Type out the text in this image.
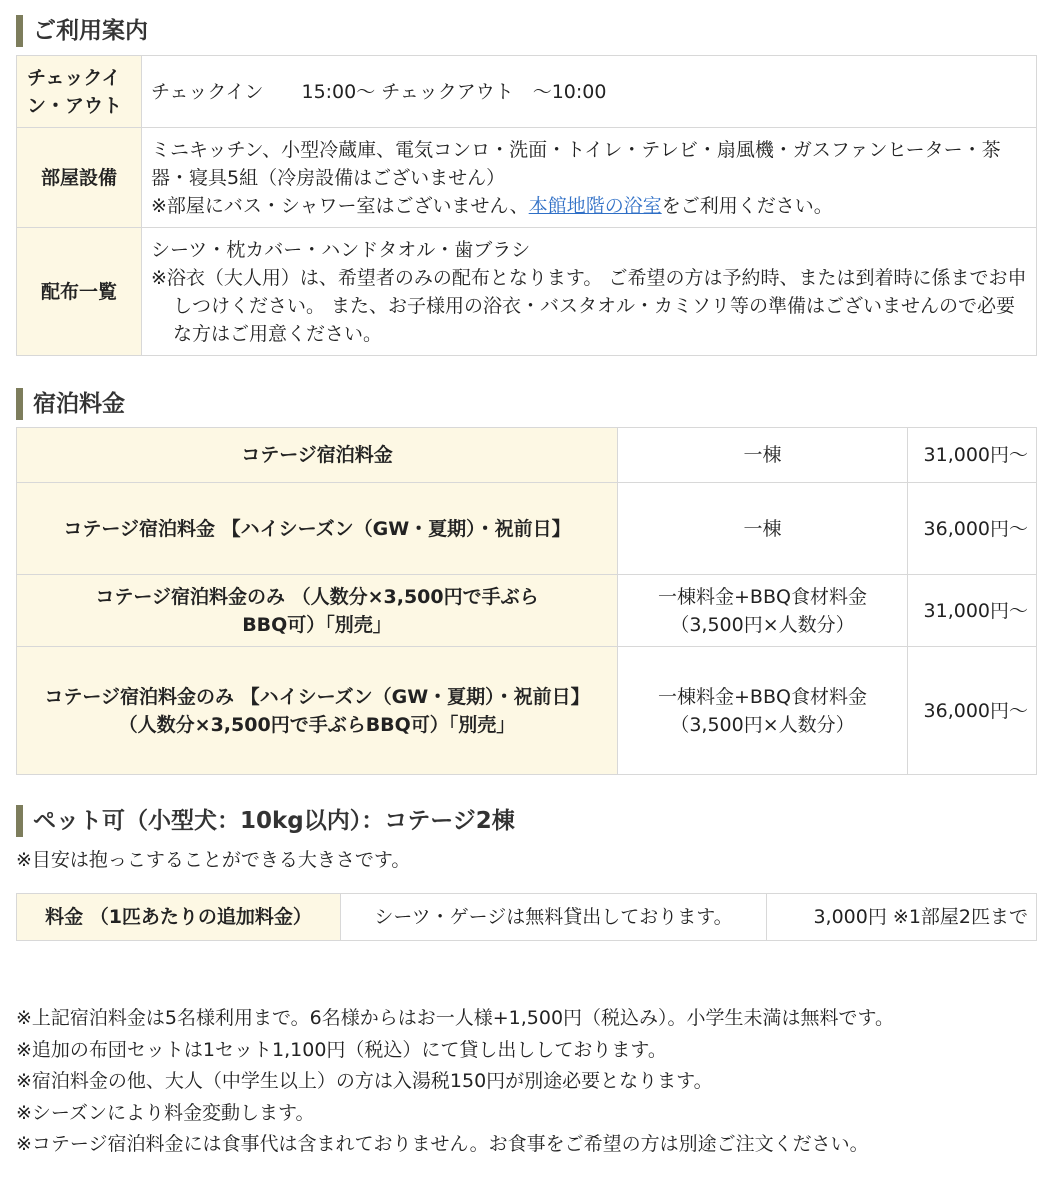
ご利用案内
チェックイン・アウト	チェックイン　　15:00〜 チェックアウト　〜10:00
部屋設備	ミニキッチン、小型冷蔵庫、電気コンロ・洗面・トイレ・テレビ・扇風機・ガスファンヒーター・茶器・寝具5組（冷房設備はございません）

※部屋にバス・シャワー室はございません、本館地階の浴室をご利用ください。

配布一覧	シーツ・枕カバー・ハンドタオル・歯ブラシ

※浴衣（大人用）は、希望者のみの配布となります。 ご希望の方は予約時、または到着時に係までお申しつけください。 また、お子様用の浴衣・バスタオル・カミソリ等の準備はございませんので必要な方はご用意ください。

宿泊料金
コテージ宿泊料金	一棟	31,000円〜
コテージ宿泊料金 【ハイシーズン（GW・夏期）・祝前日】	一棟	36,000円〜
コテージ宿泊料金のみ （人数分×3,500円で手ぶらBBQ可）「別売」	一棟料金+BBQ食材料金（3,500円×人数分）	31,000円〜
コテージ宿泊料金のみ 【ハイシーズン（GW・夏期）・祝前日】（人数分×3,500円で手ぶらBBQ可）「別売」	一棟料金+BBQ食材料金（3,500円×人数分）	36,000円〜
ペット可（小型犬：10kg以内）：コテージ2棟
※目安は抱っこすることができる大きさです。
料金 （1匹あたりの追加料金）	シーツ・ゲージは無料貸出しております。	3,000円 ※1部屋2匹まで
※上記宿泊料金は5名様利用まで。6名様からはお一人様+1,500円（税込み）。小学生未満は無料です。
※追加の布団セットは1セット1,100円（税込）にて貸し出ししております。
※宿泊料金の他、大人（中学生以上）の方は入湯税150円が別途必要となります。
※シーズンにより料金変動します。
※コテージ宿泊料金には食事代は含まれておりません。お食事をご希望の方は別途ご注文ください。
